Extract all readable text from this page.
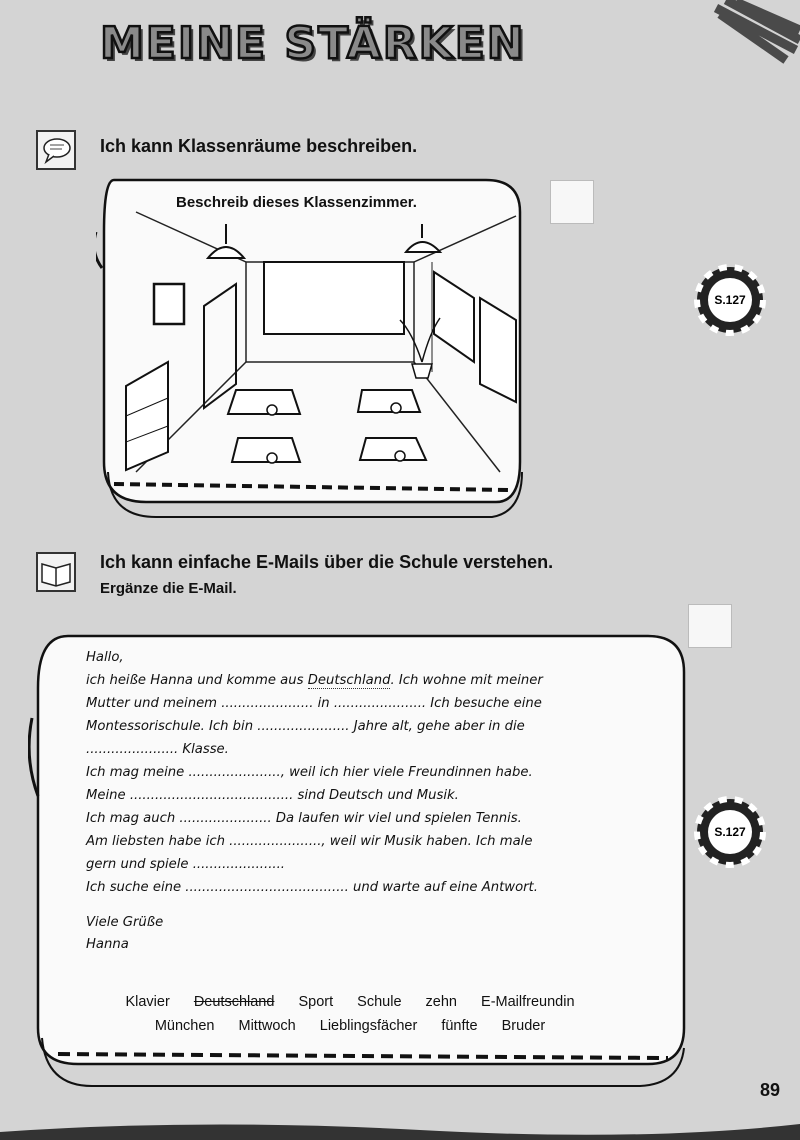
MEINE STÄRKEN
Ich kann Klassenräume beschreiben.
S.127
Beschreib dieses Klassenzimmer.
Ich kann einfache E-Mails über die Schule verstehen.
Ergänze die E-Mail.
S.127
Hallo,
ich heiße Hanna und komme aus Deutschland. Ich wohne mit meiner
Mutter und meinem ...................... in ...................... Ich besuche eine
Montessorischule. Ich bin ...................... Jahre alt, gehe aber in die
...................... Klasse.
Ich mag meine ......................, weil ich hier viele Freundinnen habe.
Meine ....................................... sind Deutsch und Musik.
Ich mag auch ...................... Da laufen wir viel und spielen Tennis.
Am liebsten habe ich ......................, weil wir Musik haben. Ich male
gern und spiele ......................
Ich suche eine ....................................... und warte auf eine Antwort.
Viele Grüße
Hanna
Klavier Deutschland Sport Schule zehn E-Mailfreundin
München Mittwoch Lieblingsfächer fünfte Bruder
89
